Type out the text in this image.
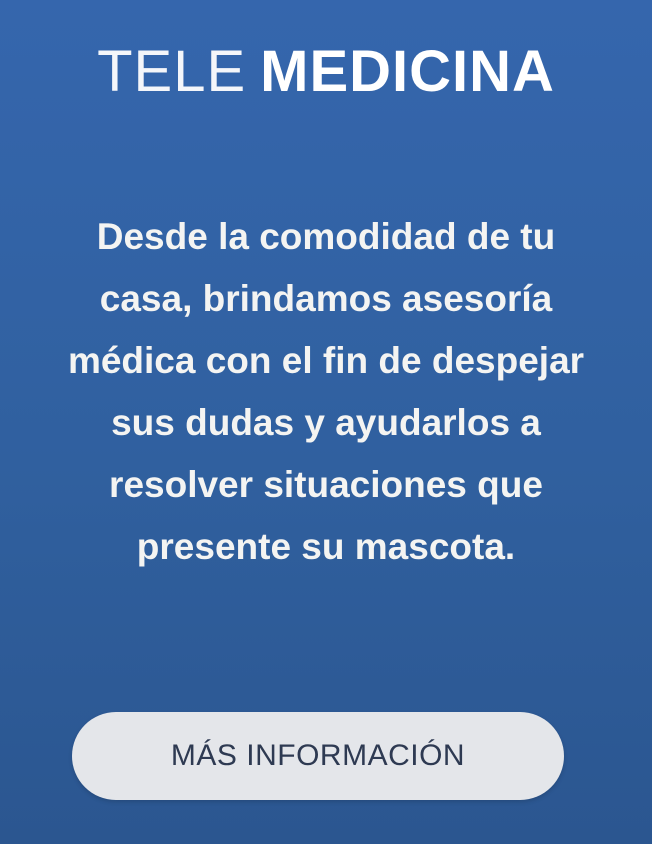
TELE MEDICINA

Desde la comodidad de tu
casa, brindamos asesoría
médica con el fin de despejar
sus dudas y ayudarlos a
resolver situaciones que
presente su mascota.

MÁS INFORMACIÓN
